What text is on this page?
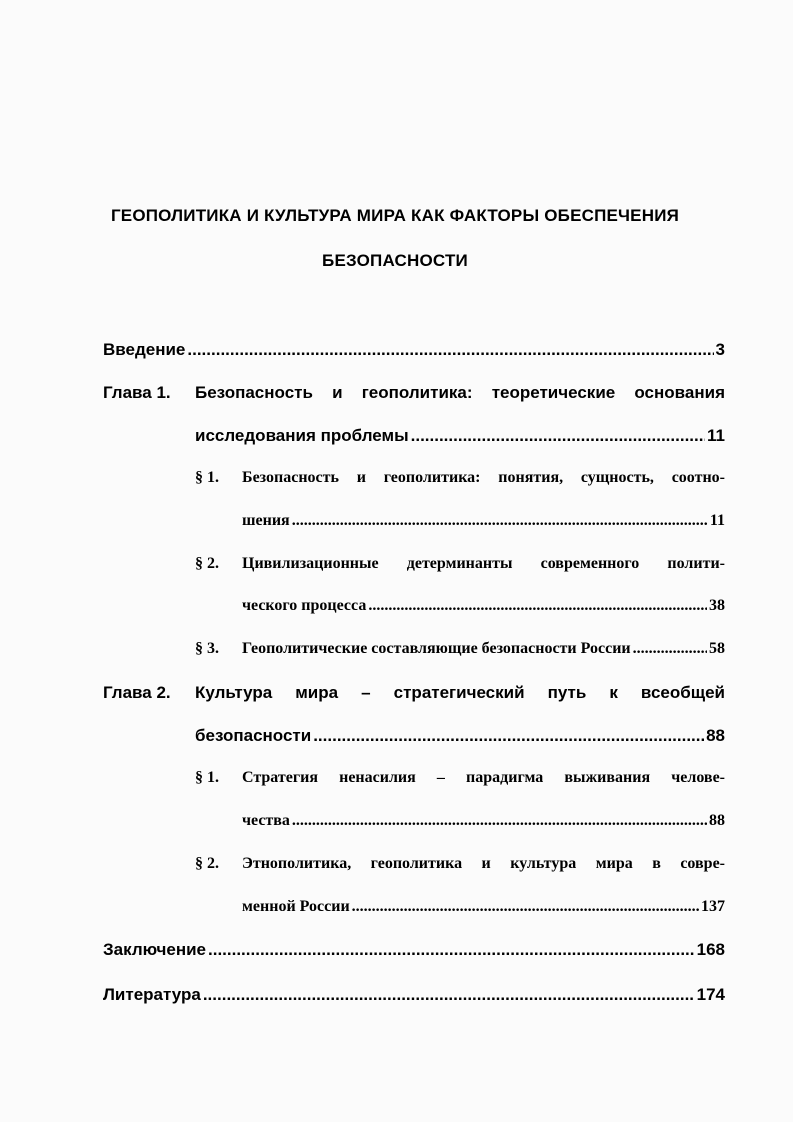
ГЕОПОЛИТИКА И КУЛЬТУРА МИРА КАК ФАКТОРЫ ОБЕСПЕЧЕНИЯ
БЕЗОПАСНОСТИ
Введение .....	3
Глава 1. Безопасность и геополитика: теоретические основания
исследования проблемы .....	11
§ 1. Безопасность и геополитика: понятия, сущность, соотно-
шения .....	11
§ 2. Цивилизационные детерминанты современного полити-
ческого процесса .....	38
§ 3. Геополитические составляющие безопасности России .....	58
Глава 2. Культура мира – стратегический путь к всеобщей
безопасности .....	88
§ 1. Стратегия ненасилия – парадигма выживания челове-
чества .....	88
§ 2. Этнополитика, геополитика и культура мира в совре-
менной России .....	137
Заключение .....	168
Литература .....	174
